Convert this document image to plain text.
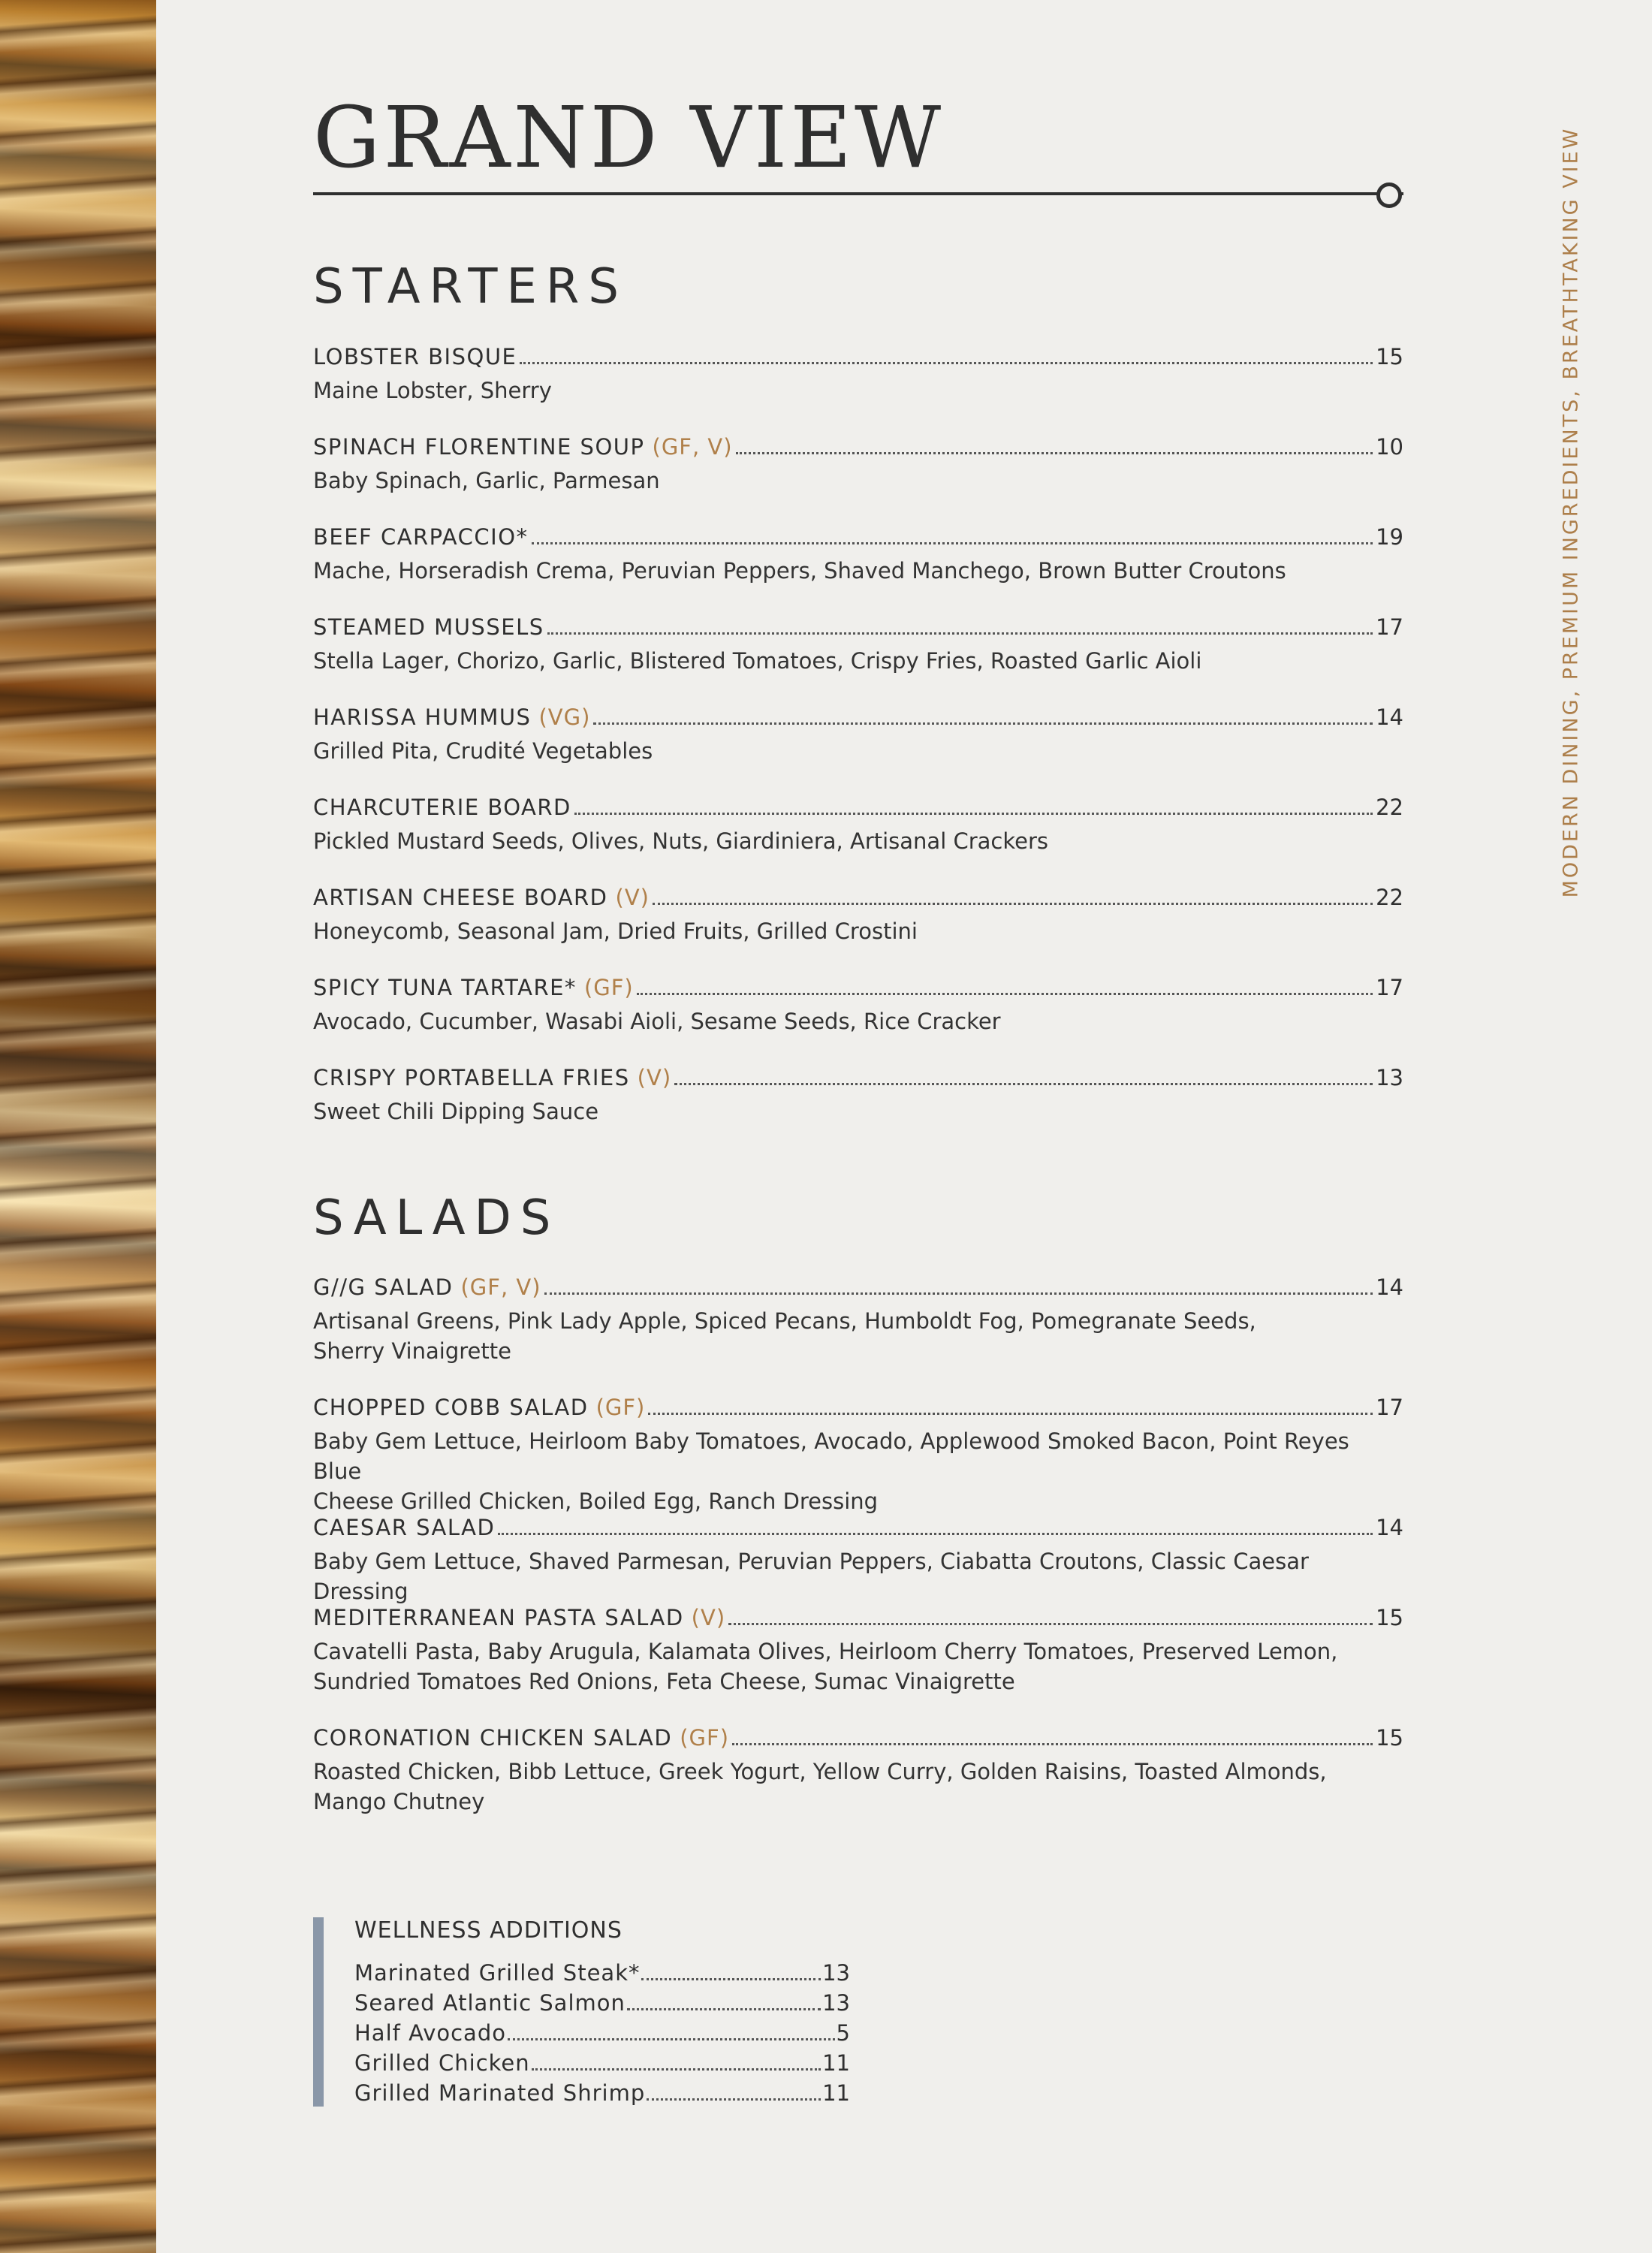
GRAND VIEW
STARTERS
LOBSTER BISQUE	15
Maine Lobster, Sherry
SPINACH FLORENTINE SOUP (GF, V)	10
Baby Spinach, Garlic, Parmesan
BEEF CARPACCIO*	19
Mache, Horseradish Crema, Peruvian Peppers, Shaved Manchego, Brown Butter Croutons
STEAMED MUSSELS	17
Stella Lager, Chorizo, Garlic, Blistered Tomatoes, Crispy Fries, Roasted Garlic Aioli
HARISSA HUMMUS (VG)	14
Grilled Pita, Crudité Vegetables
CHARCUTERIE BOARD	22
Pickled Mustard Seeds, Olives, Nuts, Giardiniera, Artisanal Crackers
ARTISAN CHEESE BOARD (V)	22
Honeycomb, Seasonal Jam, Dried Fruits, Grilled Crostini
SPICY TUNA TARTARE* (GF)	17
Avocado, Cucumber, Wasabi Aioli, Sesame Seeds, Rice Cracker
CRISPY PORTABELLA FRIES (V)	13
Sweet Chili Dipping Sauce
SALADS
G//G SALAD (GF, V)	14
Artisanal Greens, Pink Lady Apple, Spiced Pecans, Humboldt Fog, Pomegranate Seeds,
Sherry Vinaigrette
CHOPPED COBB SALAD (GF)	17
Baby Gem Lettuce, Heirloom Baby Tomatoes, Avocado, Applewood Smoked Bacon, Point Reyes Blue
Cheese Grilled Chicken, Boiled Egg, Ranch Dressing
CAESAR SALAD	14
Baby Gem Lettuce, Shaved Parmesan, Peruvian Peppers, Ciabatta Croutons, Classic Caesar Dressing
MEDITERRANEAN PASTA SALAD (V)	15
Cavatelli Pasta, Baby Arugula, Kalamata Olives, Heirloom Cherry Tomatoes, Preserved Lemon,
Sundried Tomatoes Red Onions, Feta Cheese, Sumac Vinaigrette
CORONATION CHICKEN SALAD (GF)	15
Roasted Chicken, Bibb Lettuce, Greek Yogurt, Yellow Curry, Golden Raisins, Toasted Almonds,
Mango Chutney
MODERN DINING, PREMIUM INGREDIENTS, BREATHTAKING VIEW
WELLNESS ADDITIONS
Marinated Grilled Steak*	13
Seared Atlantic Salmon	13
Half Avocado	5
Grilled Chicken	11
Grilled Marinated Shrimp	11
